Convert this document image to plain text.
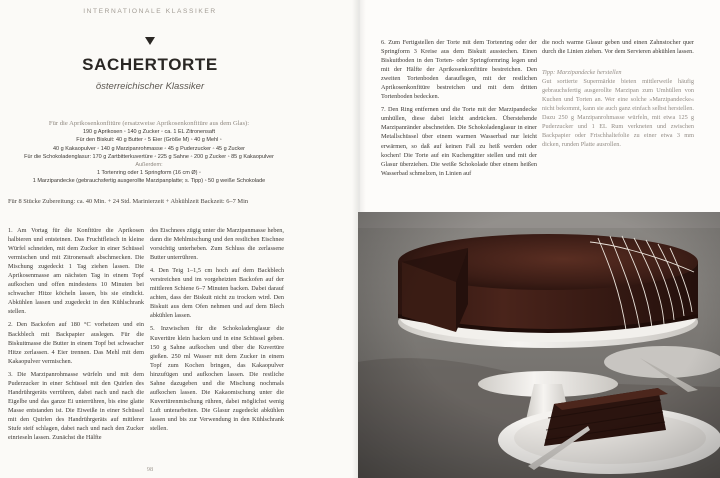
INTERNATIONALE KLASSIKER
SACHERTORTE
österreichischer Klassiker
Für die Aprikosenkonfitüre (ersatzweise Aprikosenkonfitüre aus dem Glas):
190 g Aprikosen ◦ 140 g Zucker ◦ ca. 1 EL Zitronensaft
Für den Biskuit: 40 g Butter ◦ 5 Eier (Größe M) ◦ 40 g Mehl ◦
40 g Kakaopulver ◦ 140 g Marzipanrohmasse ◦ 45 g Puderzucker ◦ 45 g Zucker
Für die Schokoladenglasur: 170 g Zartbitterkuvertüre ◦ 225 g Sahne ◦ 200 g Zucker ◦ 85 g Kakaopulver
Außerdem:
1 Tortenring oder 1 Springform (16 cm Ø) ◦
1 Marzipandecke (gebrauchsfertig ausgerollte Marzipanplatte; s. Tipp) ◦ 50 g weiße Schokolade
Für 8 Stücke Zubereitung: ca. 40 Min. + 24 Std. Marinierzeit + Abkühlzeit Backzeit: 6–7 Min

1. Am Vortag für die Konfitüre die Aprikosen halbieren und entsteinen. Das Fruchtfleisch in kleine Würfel schneiden, mit dem Zucker in einer Schüssel vermischen und mit Zitronensaft abschmecken. Die Mischung zugedeckt 1 Tag ziehen lassen. Die Aprikosenmasse am nächsten Tag in einem Topf aufkochen und offen mindestens 10 Minuten bei schwacher Hitze köcheln lassen, bis sie eindickt. Abkühlen lassen und zugedeckt in den Kühlschrank stellen.

2. Den Backofen auf 180 °C vorheizen und ein Backblech mit Backpapier auslegen. Für die Biskuitmasse die Butter in einem Topf bei schwacher Hitze zerlassen. 4 Eier trennen. Das Mehl mit dem Kakaopulver vermischen.

3. Die Marzipanrohmasse würfeln und mit dem Puderzucker in einer Schüssel mit den Quirlen des Handrührgeräts verrühren, dabei nach und nach die Eigelbe und das ganze Ei unterrühren, bis eine glatte Masse entstanden ist. Die Eiweiße in einer Schüssel mit den Quirlen des Handrührgeräts auf mittlerer Stufe steif schlagen, dabei nach und nach den Zucker einrieseln lassen. Zunächst die Hälfte

des Eischnees zügig unter die Marzipanmasse heben, dann die Mehlmischung und den restlichen Eischnee vorsichtig unterheben. Zum Schluss die zerlassene Butter unterrühren.

4. Den Teig 1–1,5 cm hoch auf dem Backblech verstreichen und im vorgeheizten Backofen auf der mittleren Schiene 6–7 Minuten backen. Dabei darauf achten, dass der Biskuit nicht zu trocken wird. Den Biskuit aus dem Ofen nehmen und auf dem Blech abkühlen lassen.

5. Inzwischen für die Schokoladenglasur die Kuvertüre klein hacken und in eine Schüssel geben. 150 g Sahne aufkochen und über die Kuvertüre gießen. 250 ml Wasser mit dem Zucker in einem Topf zum Kochen bringen, das Kakaopulver hinzufügen und aufkochen lassen. Die restliche Sahne dazugeben und die Mischung nochmals aufkochen lassen. Die Kakaomischung unter die Kuvertürenmischung rühren, dabei möglichst wenig Luft unterarbeiten. Die Glasur zugedeckt abkühlen lassen und bis zur Verwendung in den Kühlschrank stellen.

98

6. Zum Fertigstellen der Torte mit dem Tortenring oder der Springform 3 Kreise aus dem Biskuit ausstechen. Einen Biskuitboden in den Torten- oder Springformring legen und mit der Hälfte der Aprikosenkonfitüre bestreichen. Den zweiten Tortenboden darauflegen, mit der restlichen Aprikosenkonfitüre bestreichen und mit dem dritten Tortenboden bedecken.

7. Den Ring entfernen und die Torte mit der Marzipandecke umhüllen, diese dabei leicht andrücken. Überstehende Marzipanränder abschneiden. Die Schokoladenglasur in einer Metallschüssel über einem warmen Wasserbad nur leicht erwärmen, so daß auf keinen Fall zu heiß werden oder kochen! Die Torte auf ein Kuchengitter stellen und mit der Glasur überziehen. Die weiße Schokolade über einem heißen Wasserbad schmelzen, in Linien auf

die noch warme Glasur geben und einen Zahnstocher quer durch die Linien ziehen. Vor dem Servieren abkühlen lassen.

Tipp: Marzipandecke herstellen
Gut sortierte Supermärkte bieten mittlerweile häufig gebrauchsfertig ausgerollte Marzipan zum Umhüllen von Kuchen und Torten an. Wer eine solche »Marzipandecke« nicht bekommt, kann sie auch ganz einfach selbst herstellen. Dazu 250 g Marzipanrohmasse würfeln, mit etwa 125 g Puderzucker und 1 EL Rum verkneten und zwischen Backpapier oder Frischhaltefolie zu einer etwa 3 mm dicken, runden Platte ausrollen.
